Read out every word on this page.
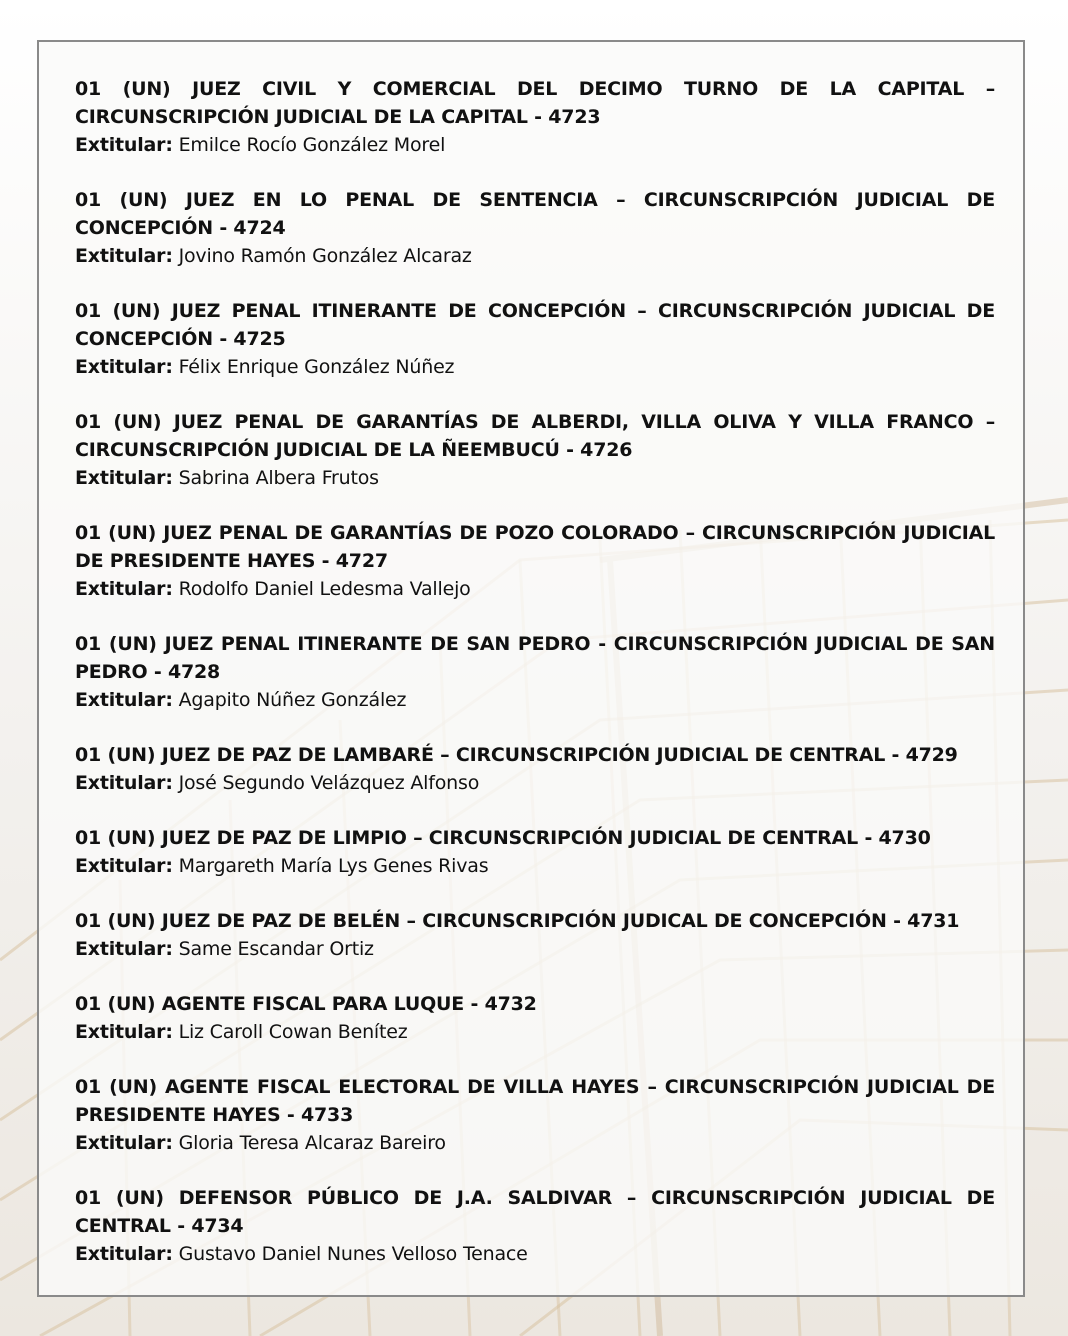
01 (UN) JUEZ CIVIL Y COMERCIAL DEL DECIMO TURNO DE LA CAPITAL – CIRCUNSCRIPCIÓN JUDICIAL DE LA CAPITAL - 4723
Extitular: Emilce Rocío González Morel
01 (UN) JUEZ EN LO PENAL DE SENTENCIA – CIRCUNSCRIPCIÓN JUDICIAL DE CONCEPCIÓN - 4724
Extitular: Jovino Ramón González Alcaraz
01 (UN) JUEZ PENAL ITINERANTE DE CONCEPCIÓN – CIRCUNSCRIPCIÓN JUDICIAL DE CONCEPCIÓN - 4725
Extitular: Félix Enrique González Núñez
01 (UN) JUEZ PENAL DE GARANTÍAS DE ALBERDI, VILLA OLIVA Y VILLA FRANCO – CIRCUNSCRIPCIÓN JUDICIAL DE LA ÑEEMBUCÚ - 4726
Extitular: Sabrina Albera Frutos
01 (UN) JUEZ PENAL DE GARANTÍAS DE POZO COLORADO – CIRCUNSCRIPCIÓN JUDICIAL DE PRESIDENTE HAYES - 4727
Extitular: Rodolfo Daniel Ledesma Vallejo
01 (UN) JUEZ PENAL ITINERANTE DE SAN PEDRO - CIRCUNSCRIPCIÓN JUDICIAL DE SAN PEDRO - 4728
Extitular: Agapito Núñez González
01 (UN) JUEZ DE PAZ DE LAMBARÉ – CIRCUNSCRIPCIÓN JUDICIAL DE CENTRAL - 4729
Extitular: José Segundo Velázquez Alfonso
01 (UN) JUEZ DE PAZ DE LIMPIO – CIRCUNSCRIPCIÓN JUDICIAL DE CENTRAL - 4730
Extitular: Margareth María Lys Genes Rivas
01 (UN) JUEZ DE PAZ DE BELÉN – CIRCUNSCRIPCIÓN JUDICAL DE CONCEPCIÓN - 4731
Extitular: Same Escandar Ortiz
01 (UN) AGENTE FISCAL PARA LUQUE - 4732
Extitular: Liz Caroll Cowan Benítez
01 (UN) AGENTE FISCAL ELECTORAL DE VILLA HAYES – CIRCUNSCRIPCIÓN JUDICIAL DE PRESIDENTE HAYES - 4733
Extitular: Gloria Teresa Alcaraz Bareiro
01 (UN) DEFENSOR PÚBLICO DE J.A. SALDIVAR – CIRCUNSCRIPCIÓN JUDICIAL DE CENTRAL - 4734
Extitular: Gustavo Daniel Nunes Velloso Tenace
